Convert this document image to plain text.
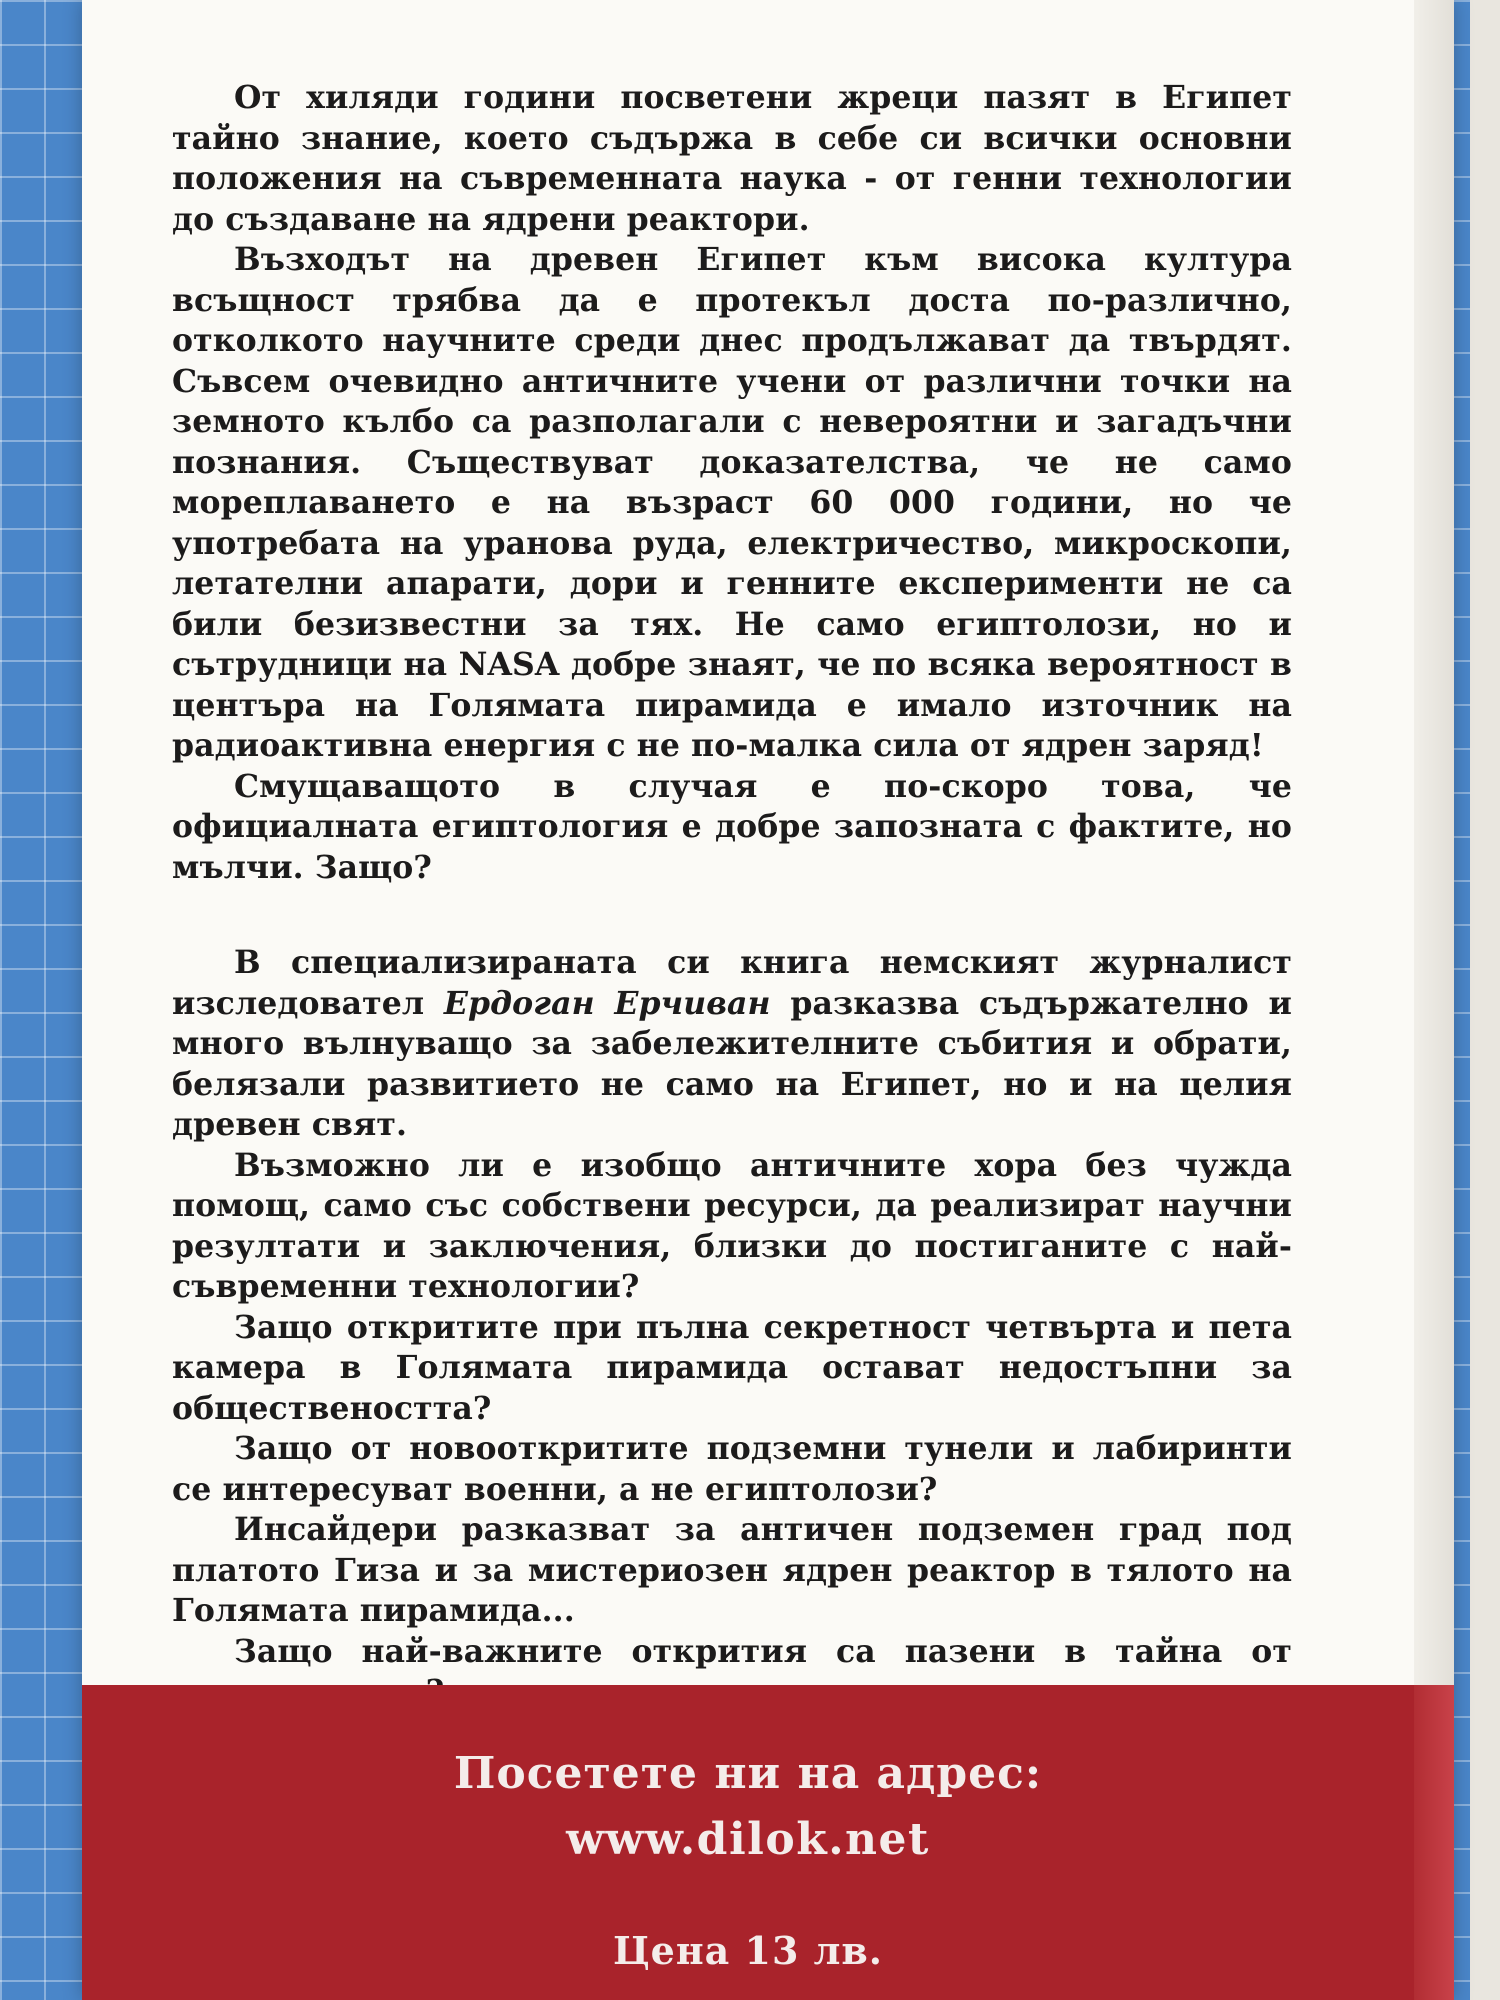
От хиляди години посветени жреци пазят в Египет тайно знание, което съдържа в себе си всички основни положения на съвременната наука - от генни технологии до създаване на ядрени реактори.

Възходът на древен Египет към висока култура всъщност трябва да е протекъл доста по-различно, отколкото научните среди днес продължават да твърдят. Съвсем очевидно античните учени от различни точки на земното кълбо са разполагали с невероятни и загадъчни познания. Съществуват доказателства, че не само мореплаването е на възраст 60 000 години, но че употребата на уранова руда, електричество, микроскопи, летателни апарати, дори и генните експерименти не са били безизвестни за тях. Не само египтолози, но и сътрудници на NASA добре знаят, че по всяка вероятност в центъра на Голямата пирамида е имало източник на радиоактивна енергия с не по-малка сила от ядрен заряд!

Смущаващото в случая е по-скоро това, че официалната египтология е добре запозната с фактите, но мълчи. Защо?

В специализираната си книга немският журналист изследовател Ердоган Ерчиван разказва съдържателно и много вълнуващо за забележителните събития и обрати, белязали развитието не само на Египет, но и на целия древен свят.

Възможно ли е изобщо античните хора без чужда помощ, само със собствени ресурси, да реализират научни резултати и заключения, близки до постиганите с най-съвременни технологии?

Защо откритите при пълна секретност четвърта и пета камера в Голямата пирамида остават недостъпни за обществеността?

Защо от новооткритите подземни тунели и лабиринти се интересуват военни, а не египтолози?

Инсайдери разказват за античен подземен град под платото Гиза и за мистериозен ядрен реактор в тялото на Голямата пирамида...

Защо най-важните открития са пазени в тайна от

Посетете ни на адрес:
www.dilok.net
Цена 13 лв.
